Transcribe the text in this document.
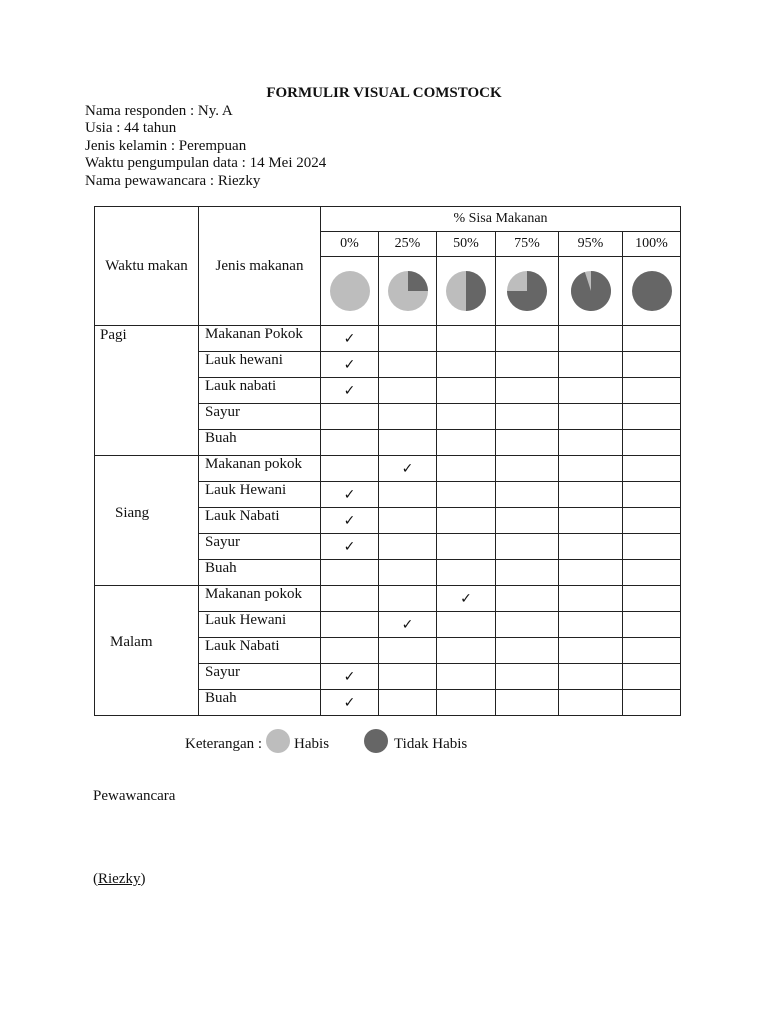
FORMULIR VISUAL COMSTOCK
Nama responden : Ny. A
Usia : 44 tahun
Jenis kelamin : Perempuan
Waktu pengumpulan data : 14 Mei 2024
Nama pewawancara : Riezky
Waktu makan	Jenis makanan	% Sisa Makanan					
		0%	25%	50%	75%	95%	100%

Pagi	Makanan Pokok	✓					
	Lauk hewani	✓					
	Lauk nabati	✓					
	Sayur						
	Buah						

Siang	Makanan pokok		✓				
	Lauk Hewani	✓					
	Lauk Nabati	✓					
	Sayur	✓					
	Buah						

Malam	Makanan pokok			✓			
	Lauk Hewani		✓				
	Lauk Nabati						
	Sayur	✓					
	Buah	✓					
Keterangan : Habis	Tidak Habis
Pewawancara
(Riezky)
